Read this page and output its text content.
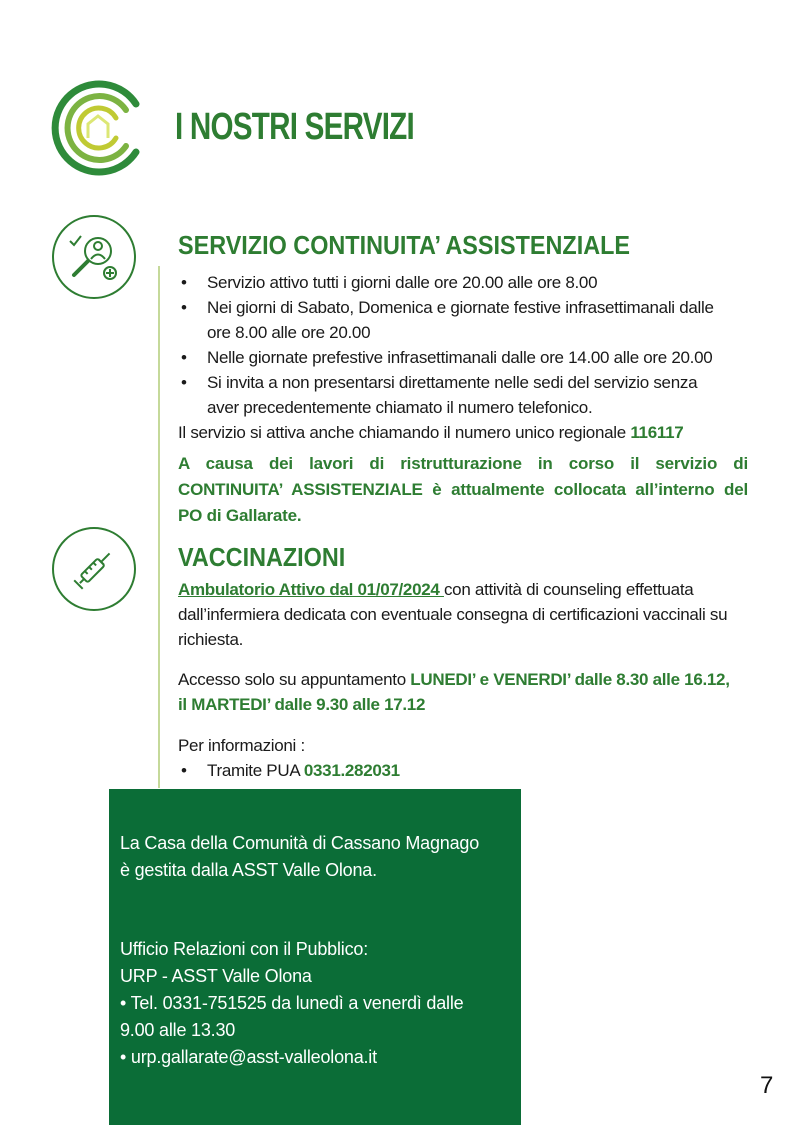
I NOSTRI SERVIZI
SERVIZIO CONTINUITA’ ASSISTENZIALE
• Servizio attivo tutti i giorni dalle ore 20.00 alle ore 8.00
• Nei giorni di Sabato, Domenica e giornate festive infrasettimanali dalle
ore 8.00 alle ore 20.00
• Nelle giornate prefestive infrasettimanali dalle ore 14.00 alle ore 20.00
• Si invita a non presentarsi direttamente nelle sedi del servizio senza
aver precedentemente chiamato il numero telefonico.
Il servizio si attiva anche chiamando il numero unico regionale 116117
A causa dei lavori di ristrutturazione in corso il servizio di
CONTINUITA’ ASSISTENZIALE è attualmente collocata all’interno del
PO di Gallarate.
VACCINAZIONI
Ambulatorio Attivo dal 01/07/2024 con attività di counseling effettuata
dall’infermiera dedicata con eventuale consegna di certificazioni vaccinali su
richiesta.
Accesso solo su appuntamento LUNEDI’ e VENERDI’ dalle 8.30 alle 16.12,
il MARTEDI’ dalle 9.30 alle 17.12
Per informazioni :
• Tramite PUA 0331.282031
La Casa della Comunità di Cassano Magnago
è gestita dalla ASST Valle Olona.
Ufficio Relazioni con il Pubblico:
URP - ASST Valle Olona
• Tel. 0331-751525 da lunedì a venerdì dalle
9.00 alle 13.30
• urp.gallarate@asst-valleolona.it
7
